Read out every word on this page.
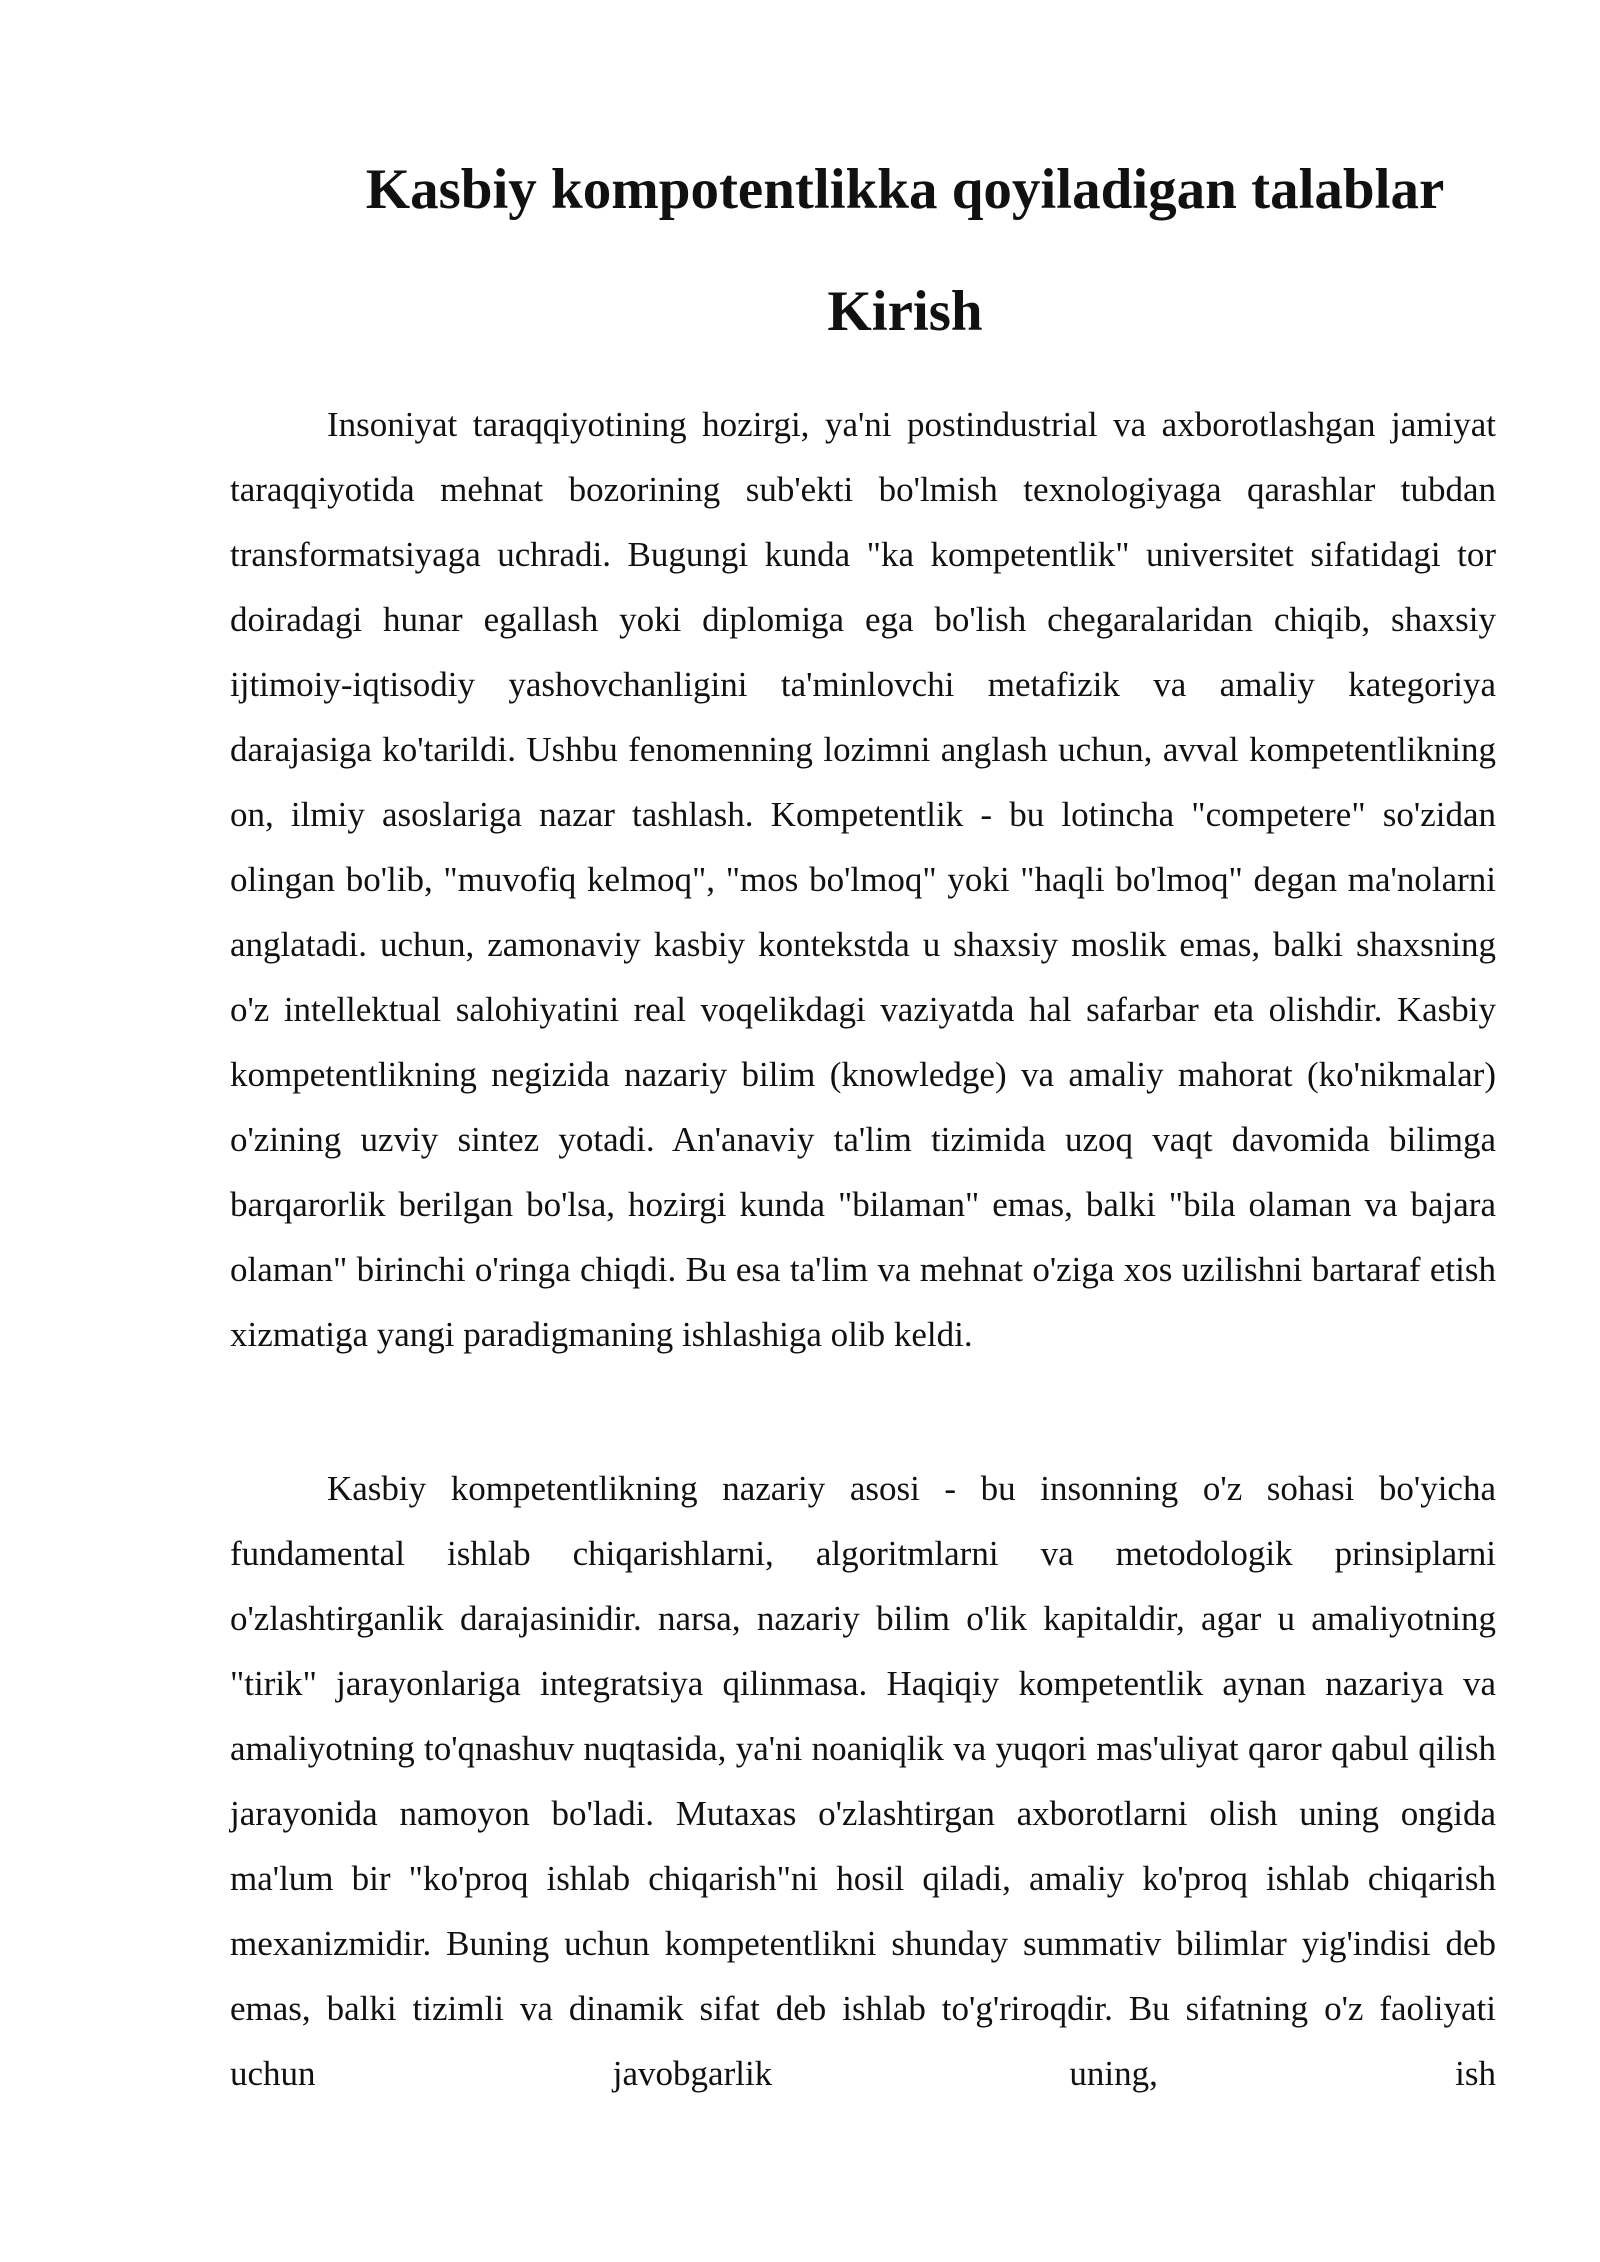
Kasbiy kompotentlikka qoyiladigan talablar
Kirish

Insoniyat taraqqiyotining hozirgi, ya'ni postindustrial va axborotlashgan jamiyat taraqqiyotida mehnat bozorining sub'ekti bo'lmish texnologiyaga qarashlar tubdan transformatsiyaga uchradi. Bugungi kunda "ka kompetentlik" universitet sifatidagi tor doiradagi hunar egallash yoki diplomiga ega bo'lish chegaralaridan chiqib, shaxsiy ijtimoiy-iqtisodiy yashovchanligini ta'minlovchi metafizik va amaliy kategoriya darajasiga ko'tarildi. Ushbu fenomenning lozimni anglash uchun, avval kompetentlikning on, ilmiy asoslariga nazar tashlash. Kompetentlik - bu lotincha "competere" so'zidan olingan bo'lib, "muvofiq kelmoq", "mos bo'lmoq" yoki "haqli bo'lmoq" degan ma'nolarni anglatadi. uchun, zamonaviy kasbiy kontekstda u shaxsiy moslik emas, balki shaxsning o'z intellektual salohiyatini real voqelikdagi vaziyatda hal safarbar eta olishdir. Kasbiy kompetentlikning negizida nazariy bilim (knowledge) va amaliy mahorat (ko'nikmalar) o'zining uzviy sintez yotadi. An'anaviy ta'lim tizimida uzoq vaqt davomida bilimga barqarorlik berilgan bo'lsa, hozirgi kunda "bilaman" emas, balki "bila olaman va bajara olaman" birinchi o'ringa chiqdi. Bu esa ta'lim va mehnat o'ziga xos uzilishni bartaraf etish xizmatiga yangi paradigmaning ishlashiga olib keldi.

Kasbiy kompetentlikning nazariy asosi - bu insonning o'z sohasi bo'yicha fundamental ishlab chiqarishlarni, algoritmlarni va metodologik prinsiplarni o'zlashtirganlik darajasinidir. narsa, nazariy bilim o'lik kapitaldir, agar u amaliyotning "tirik" jarayonlariga integratsiya qilinmasa. Haqiqiy kompetentlik aynan nazariya va amaliyotning to'qnashuv nuqtasida, ya'ni noaniqlik va yuqori mas'uliyat qaror qabul qilish jarayonida namoyon bo'ladi. Mutaxas o'zlashtirgan axborotlarni olish uning ongida ma'lum bir "ko'proq ishlab chiqarish"ni hosil qiladi, amaliy ko'proq ishlab chiqarish mexanizmidir. Buning uchun kompetentlikni shunday summativ bilimlar yig'indisi deb emas, balki tizimli va dinamik sifat deb ishlab to'g'riroqdir. Bu sifatning o'z faoliyati uchun javobgarlik uning, ish
